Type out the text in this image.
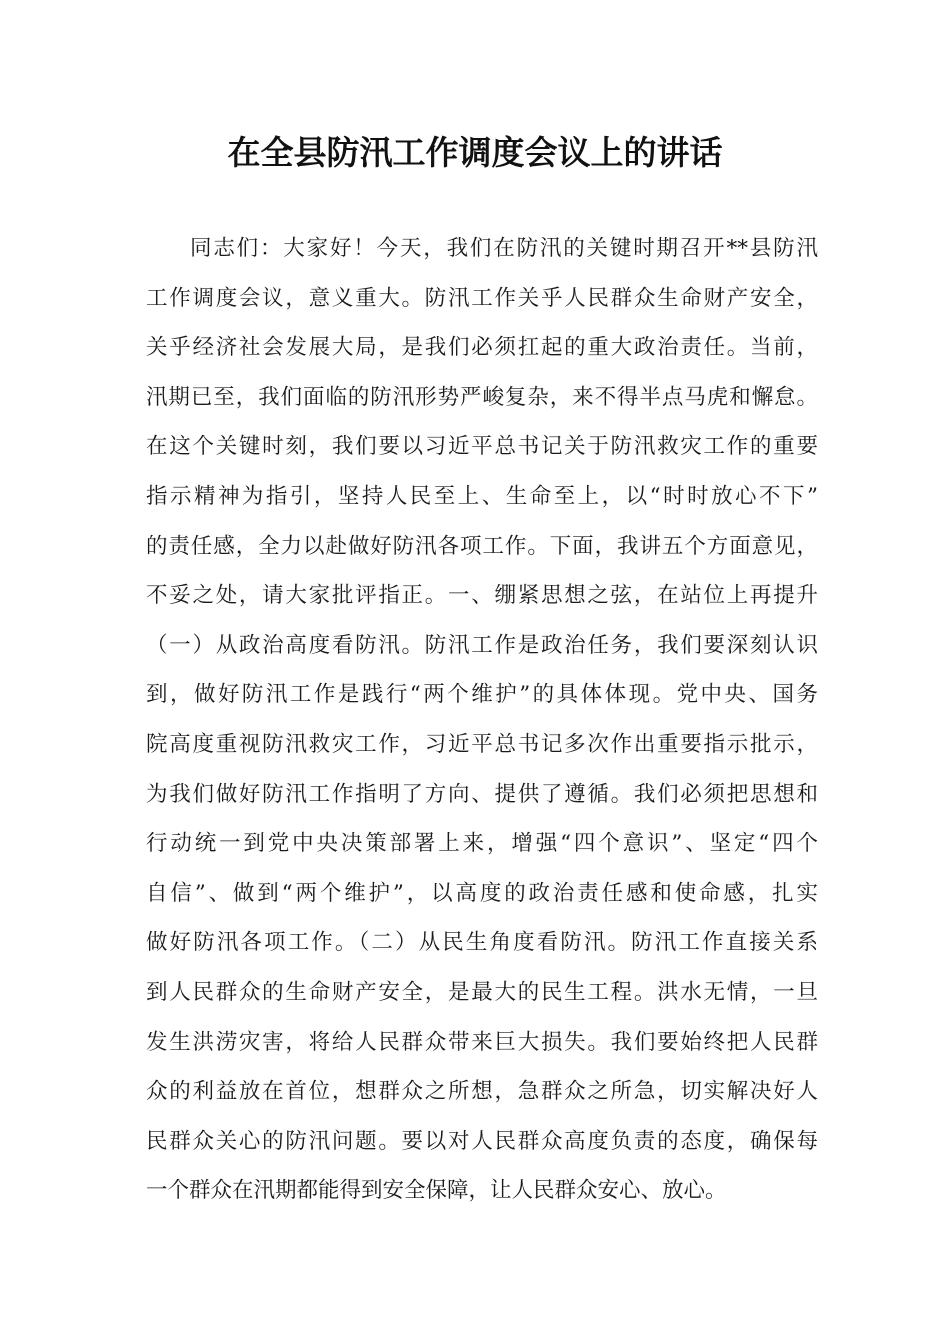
在全县防汛工作调度会议上的讲话
同志们：大家好！今天，我们在防汛的关键时期召开**县防汛
工作调度会议，意义重大。防汛工作关乎人民群众生命财产安全，
关乎经济社会发展大局，是我们必须扛起的重大政治责任。当前，
汛期已至，我们面临的防汛形势严峻复杂，来不得半点马虎和懈怠。
在这个关键时刻，我们要以习近平总书记关于防汛救灾工作的重要
指示精神为指引，坚持人民至上、生命至上，以“时时放心不下”
的责任感，全力以赴做好防汛各项工作。下面，我讲五个方面意见，
不妥之处，请大家批评指正。一、绷紧思想之弦，在站位上再提升
（一）从政治高度看防汛。防汛工作是政治任务，我们要深刻认识
到，做好防汛工作是践行“两个维护”的具体体现。党中央、国务
院高度重视防汛救灾工作，习近平总书记多次作出重要指示批示，
为我们做好防汛工作指明了方向、提供了遵循。我们必须把思想和
行动统一到党中央决策部署上来，增强“四个意识”、坚定“四个
自信”、做到“两个维护”，以高度的政治责任感和使命感，扎实
做好防汛各项工作。（二）从民生角度看防汛。防汛工作直接关系
到人民群众的生命财产安全，是最大的民生工程。洪水无情，一旦
发生洪涝灾害，将给人民群众带来巨大损失。我们要始终把人民群
众的利益放在首位，想群众之所想，急群众之所急，切实解决好人
民群众关心的防汛问题。要以对人民群众高度负责的态度，确保每
一个群众在汛期都能得到安全保障，让人民群众安心、放心。
